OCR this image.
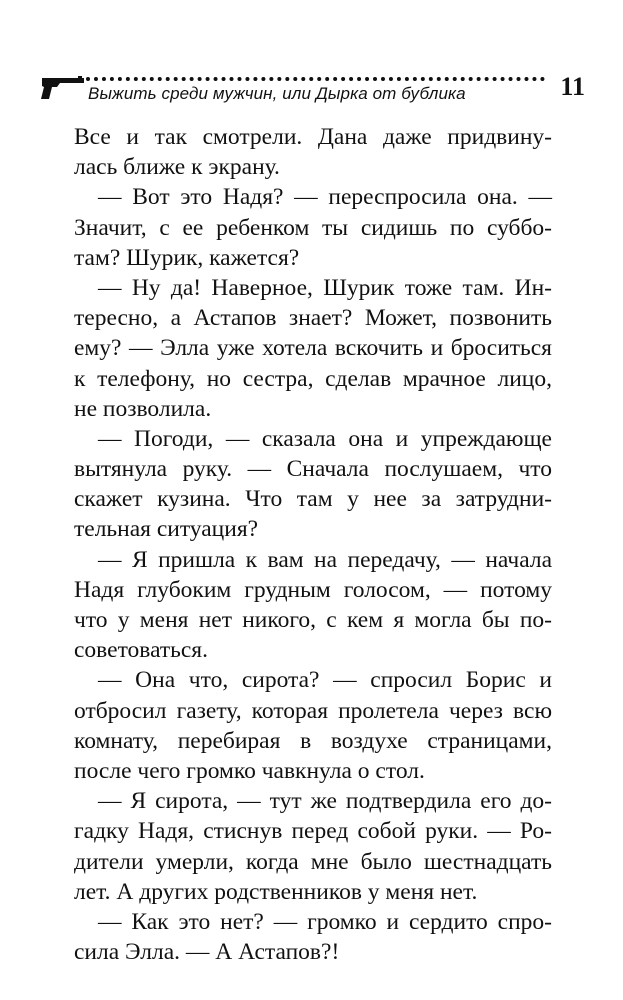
Выжить среди мужчин, или Дырка от бублика	11
Все и так смотрели. Дана даже придвину-
лась ближе к экрану.
— Вот это Надя? — переспросила она. —
Значит, с ее ребенком ты сидишь по суббо-
там? Шурик, кажется?
— Ну да! Наверное, Шурик тоже там. Ин-
тересно, а Астапов знает? Может, позвонить
ему? — Элла уже хотела вскочить и броситься
к телефону, но сестра, сделав мрачное лицо,
не позволила.
— Погоди, — сказала она и упреждающе
вытянула руку. — Сначала послушаем, что
скажет кузина. Что там у нее за затрудни-
тельная ситуация?
— Я пришла к вам на передачу, — начала
Надя глубоким грудным голосом, — потому
что у меня нет никого, с кем я могла бы по-
советоваться.
— Она что, сирота? — спросил Борис и
отбросил газету, которая пролетела через всю
комнату, перебирая в воздухе страницами,
после чего громко чавкнула о стол.
— Я сирота, — тут же подтвердила его до-
гадку Надя, стиснув перед собой руки. — Ро-
дители умерли, когда мне было шестнадцать
лет. А других родственников у меня нет.
— Как это нет? — громко и сердито спро-
сила Элла. — А Астапов?!
